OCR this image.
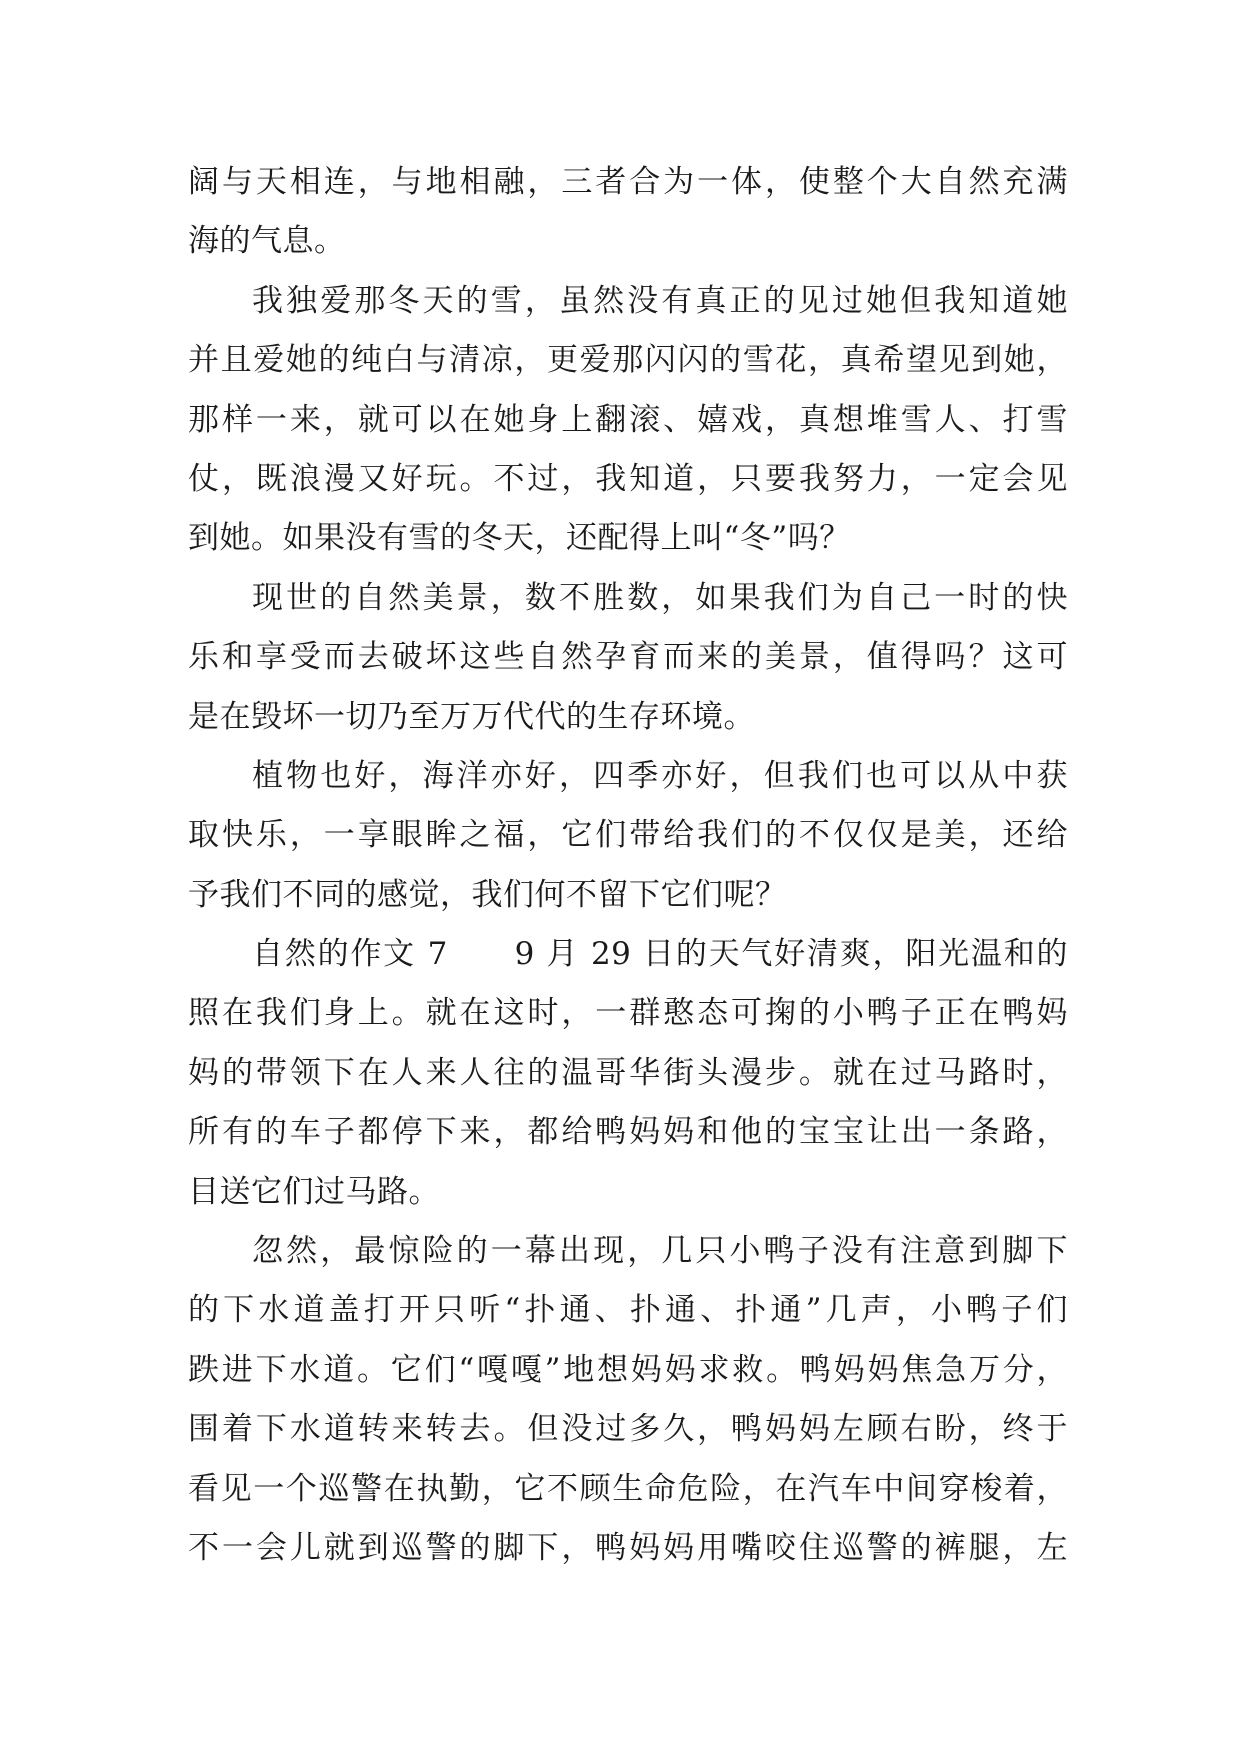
阔与天相连，与地相融，三者合为一体，使整个大自然充满
海的气息。
我独爱那冬天的雪，虽然没有真正的见过她但我知道她
并且爱她的纯白与清凉，更爱那闪闪的雪花，真希望见到她，
那样一来，就可以在她身上翻滚、嬉戏，真想堆雪人、打雪
仗，既浪漫又好玩。不过，我知道，只要我努力，一定会见
到她。如果没有雪的冬天，还配得上叫“冬”吗？
现世的自然美景，数不胜数，如果我们为自己一时的快
乐和享受而去破坏这些自然孕育而来的美景，值得吗？这可
是在毁坏一切乃至万万代代的生存环境。
植物也好，海洋亦好，四季亦好，但我们也可以从中获
取快乐，一享眼眸之福，它们带给我们的不仅仅是美，还给
予我们不同的感觉，我们何不留下它们呢？
自然的作文 7　　9 月 29 日的天气好清爽，阳光温和的
照在我们身上。就在这时，一群憨态可掬的小鸭子正在鸭妈
妈的带领下在人来人往的温哥华街头漫步。就在过马路时，
所有的车子都停下来，都给鸭妈妈和他的宝宝让出一条路，
目送它们过马路。
忽然，最惊险的一幕出现，几只小鸭子没有注意到脚下
的下水道盖打开只听“扑通、扑通、扑通”几声，小鸭子们
跌进下水道。它们“嘎嘎”地想妈妈求救。鸭妈妈焦急万分，
围着下水道转来转去。但没过多久，鸭妈妈左顾右盼，终于
看见一个巡警在执勤，它不顾生命危险，在汽车中间穿梭着，
不一会儿就到巡警的脚下，鸭妈妈用嘴咬住巡警的裤腿，左
